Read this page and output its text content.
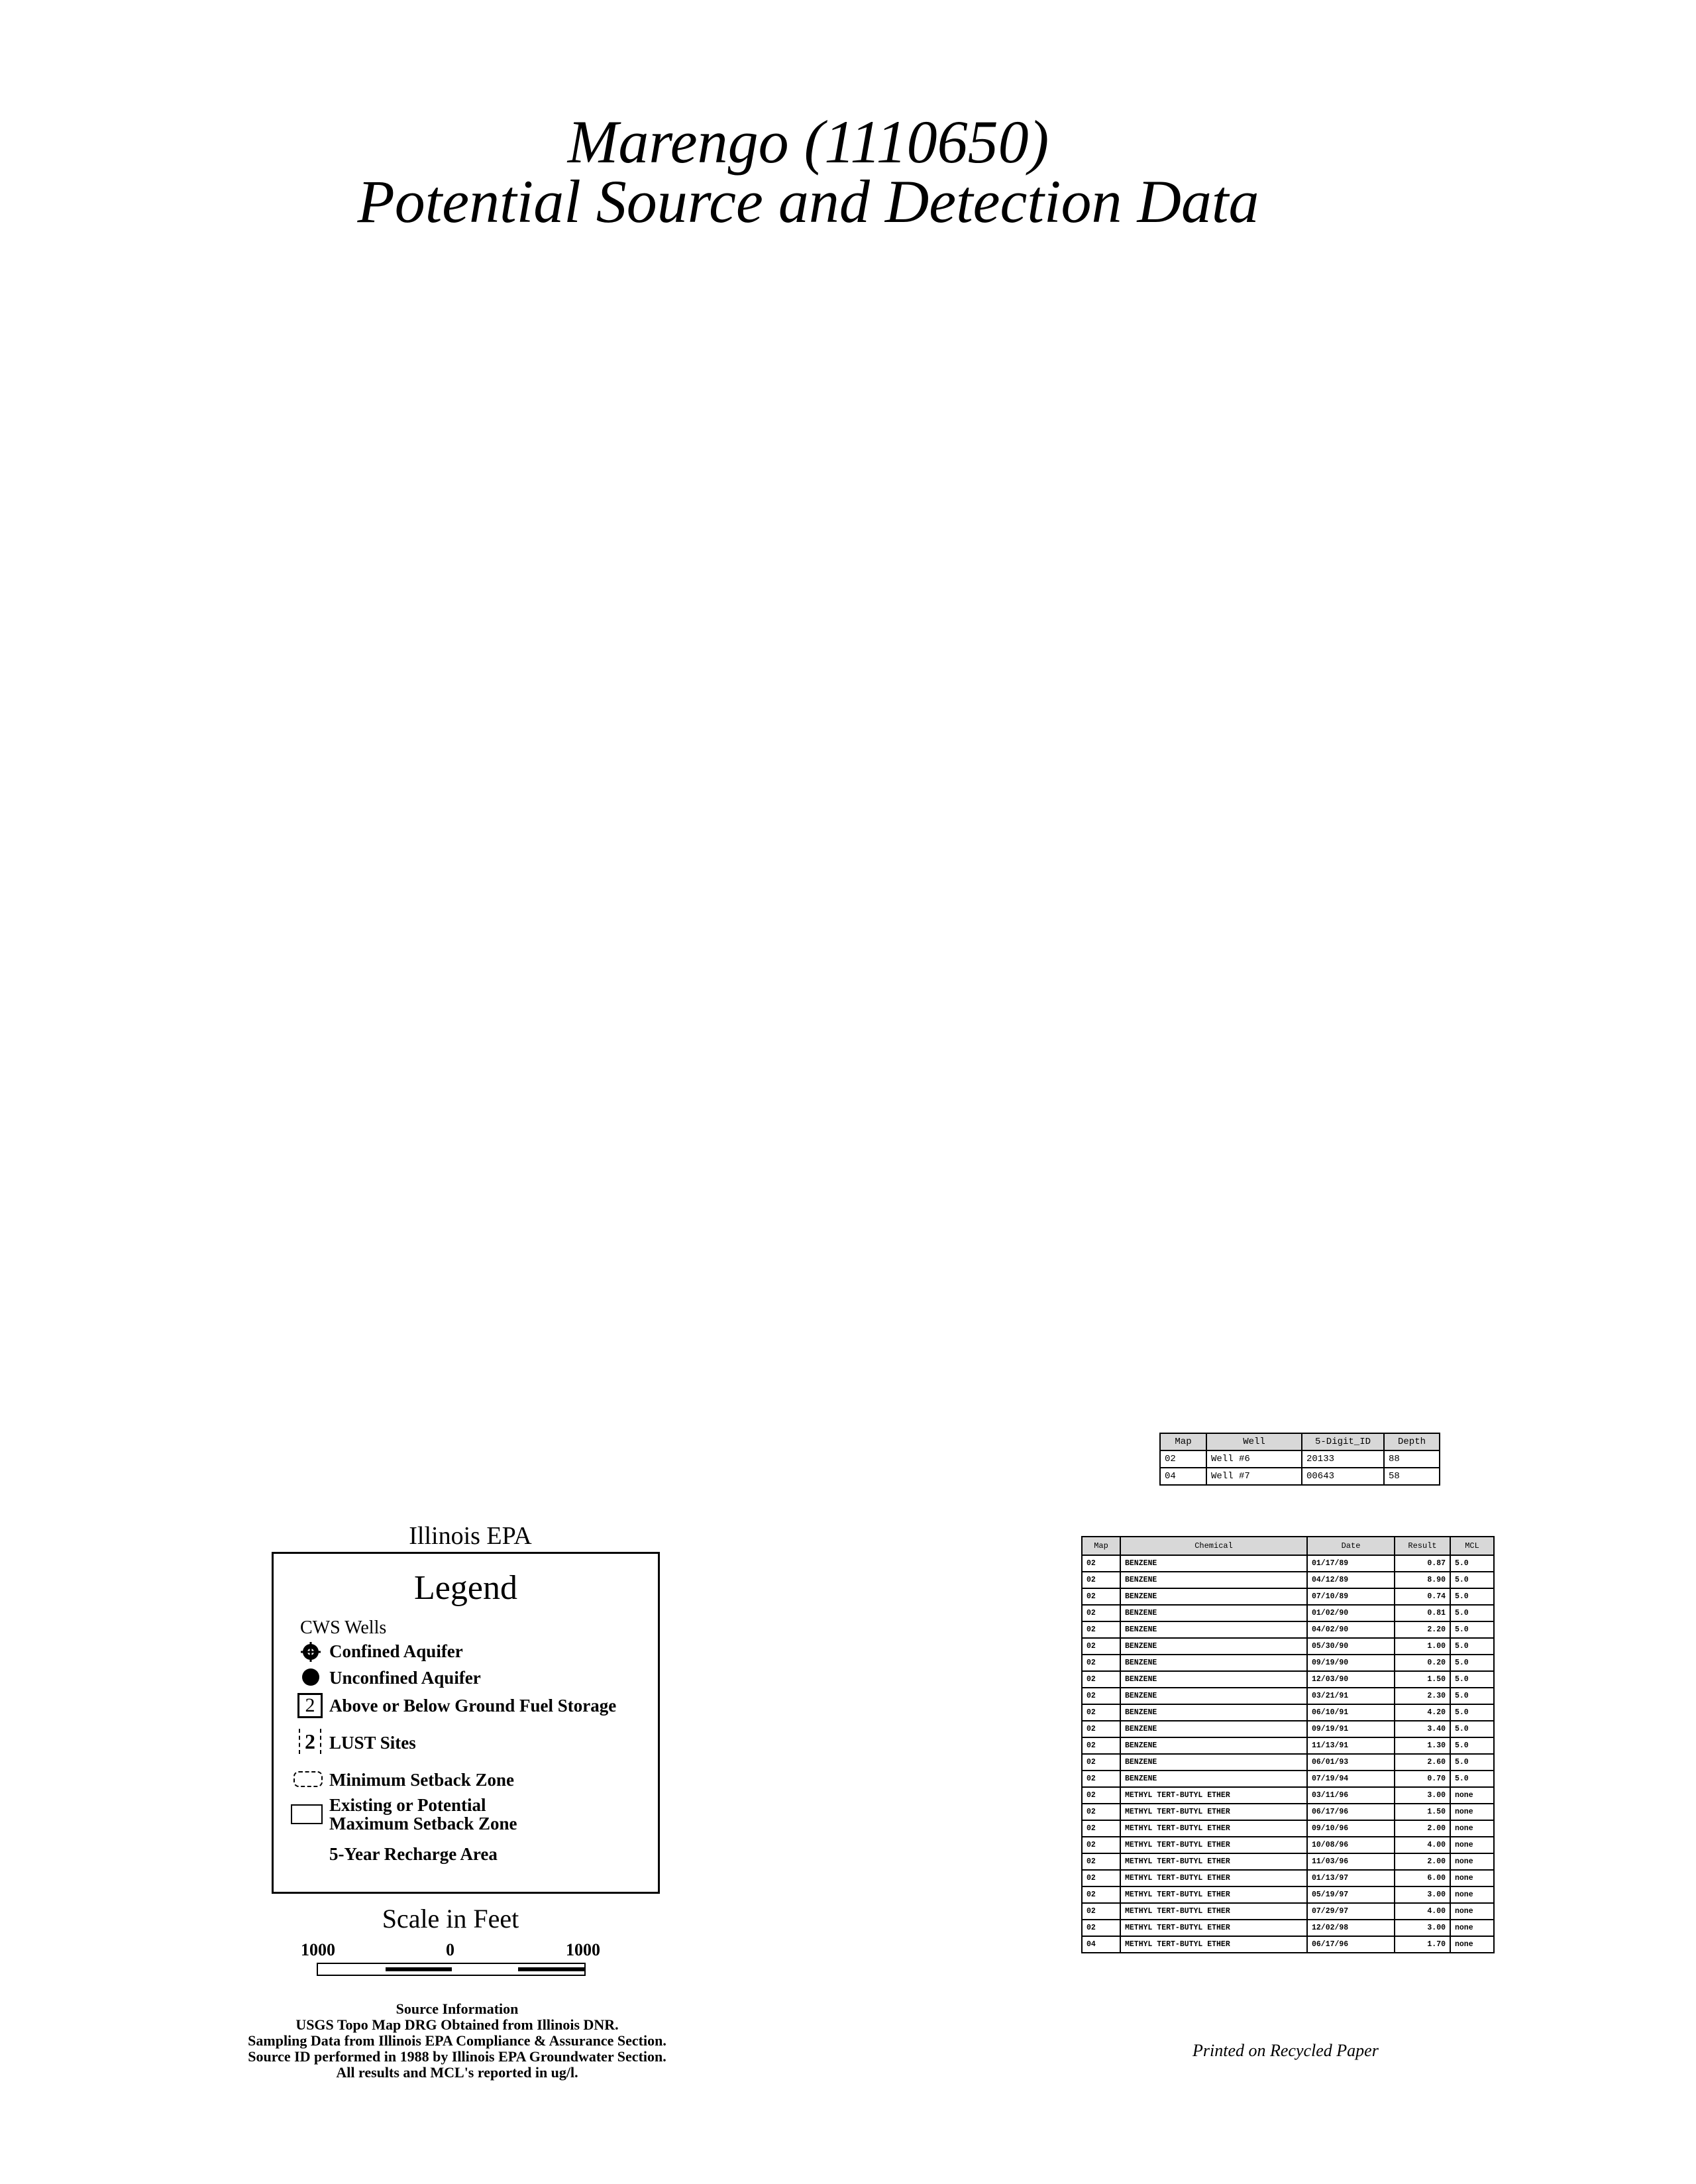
Marengo (1110650)
Potential Source and Detection Data
Illinois EPA
Legend
CWS Wells
Confined Aquifer
Unconfined Aquifer
2 Above or Below Ground Fuel Storage
2 LUST Sites
Minimum Setback Zone
Existing or Potential
Maximum Setback Zone
5-Year Recharge Area
Scale in Feet
1000	0	1000
Source Information
USGS Topo Map DRG Obtained from Illinois DNR.
Sampling Data from Illinois EPA Compliance & Assurance Section.
Source ID performed in 1988 by Illinois EPA Groundwater Section.
All results and MCL's reported in ug/l.
Map	Well	5-Digit_ID	Depth
02	Well #6	20133	88
04	Well #7	00643	58
Map	Chemical	Date	Result	MCL
02	BENZENE	01/17/89	0.87	5.0
02	BENZENE	04/12/89	8.90	5.0
02	BENZENE	07/10/89	0.74	5.0
02	BENZENE	01/02/90	0.81	5.0
02	BENZENE	04/02/90	2.20	5.0
02	BENZENE	05/30/90	1.00	5.0
02	BENZENE	09/19/90	0.20	5.0
02	BENZENE	12/03/90	1.50	5.0
02	BENZENE	03/21/91	2.30	5.0
02	BENZENE	06/10/91	4.20	5.0
02	BENZENE	09/19/91	3.40	5.0
02	BENZENE	11/13/91	1.30	5.0
02	BENZENE	06/01/93	2.60	5.0
02	BENZENE	07/19/94	0.70	5.0
02	METHYL TERT-BUTYL ETHER	03/11/96	3.00	none
02	METHYL TERT-BUTYL ETHER	06/17/96	1.50	none
02	METHYL TERT-BUTYL ETHER	09/10/96	2.00	none
02	METHYL TERT-BUTYL ETHER	10/08/96	4.00	none
02	METHYL TERT-BUTYL ETHER	11/03/96	2.00	none
02	METHYL TERT-BUTYL ETHER	01/13/97	6.00	none
02	METHYL TERT-BUTYL ETHER	05/19/97	3.00	none
02	METHYL TERT-BUTYL ETHER	07/29/97	4.00	none
02	METHYL TERT-BUTYL ETHER	12/02/98	3.00	none
04	METHYL TERT-BUTYL ETHER	06/17/96	1.70	none
Printed on Recycled Paper
